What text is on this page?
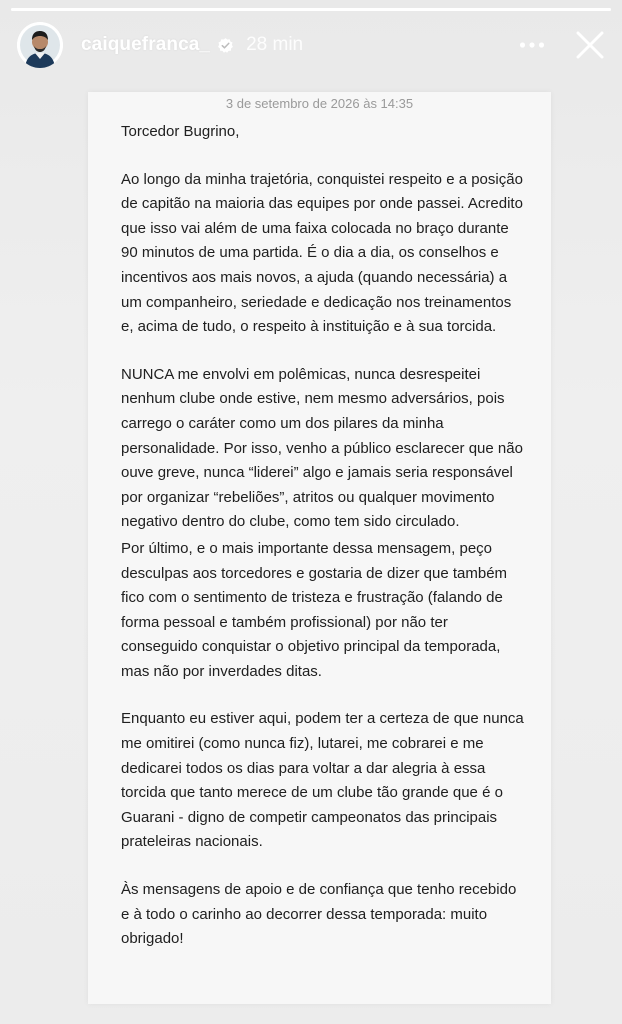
caiquefranca_ 28 min
3 de setembro de 2026 às 14:35

Torcedor Bugrino,

Ao longo da minha trajetória, conquistei respeito e a posição de capitão na maioria das equipes por onde passei. Acredito que isso vai além de uma faixa colocada no braço durante 90 minutos de uma partida. É o dia a dia, os conselhos e incentivos aos mais novos, a ajuda (quando necessária) a um companheiro, seriedade e dedicação nos treinamentos e, acima de tudo, o respeito à instituição e à sua torcida.

NUNCA me envolvi em polêmicas, nunca desrespeitei nenhum clube onde estive, nem mesmo adversários, pois carrego o caráter como um dos pilares da minha personalidade. Por isso, venho a público esclarecer que não ouve greve, nunca “liderei” algo e jamais seria responsável por organizar “rebeliões”, atritos ou qualquer movimento negativo dentro do clube, como tem sido circulado.

Por último, e o mais importante dessa mensagem, peço desculpas aos torcedores e gostaria de dizer que também fico com o sentimento de tristeza e frustração (falando de forma pessoal e também profissional) por não ter conseguido conquistar o objetivo principal da temporada, mas não por inverdades ditas.

Enquanto eu estiver aqui, podem ter a certeza de que nunca me omitirei (como nunca fiz), lutarei, me cobrarei e me dedicarei todos os dias para voltar a dar alegria à essa torcida que tanto merece de um clube tão grande que é o Guarani - digno de competir campeonatos das principais prateleiras nacionais.

Às mensagens de apoio e de confiança que tenho recebido e à todo o carinho ao decorrer dessa temporada: muito obrigado!
